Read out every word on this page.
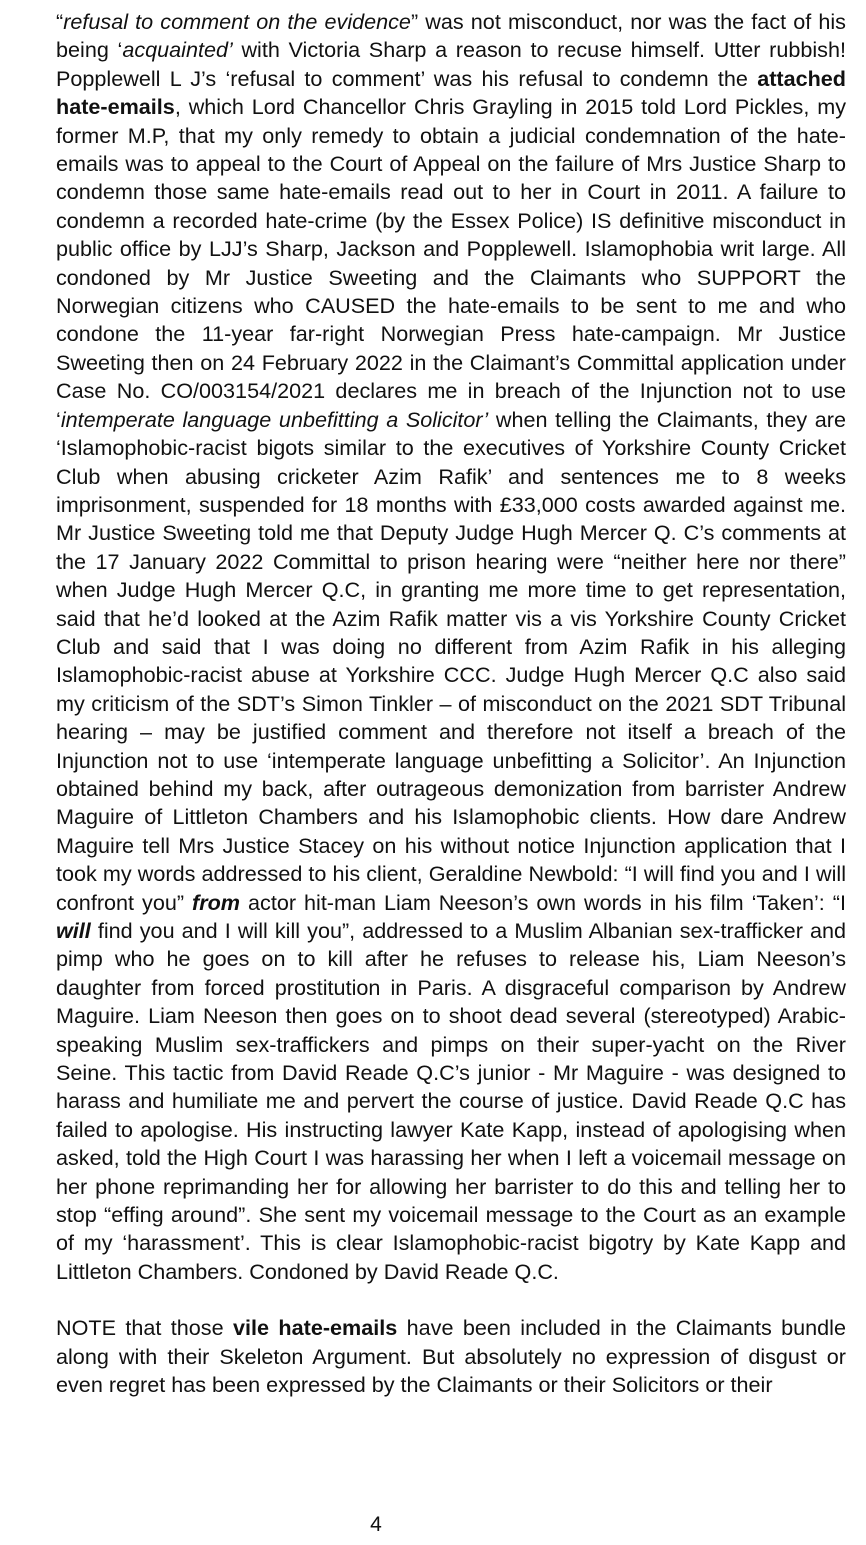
“refusal to comment on the evidence” was not misconduct, nor was the fact of his being ‘acquainted’ with Victoria Sharp a reason to recuse himself. Utter rubbish! Popplewell L J’s ‘refusal to comment’ was his refusal to condemn the attached hate-emails, which Lord Chancellor Chris Grayling in 2015 told Lord Pickles, my former M.P, that my only remedy to obtain a judicial condemnation of the hate-emails was to appeal to the Court of Appeal on the failure of Mrs Justice Sharp to condemn those same hate-emails read out to her in Court in 2011. A failure to condemn a recorded hate-crime (by the Essex Police) IS definitive misconduct in public office by LJJ’s Sharp, Jackson and Popplewell. Islamophobia writ large. All condoned by Mr Justice Sweeting and the Claimants who SUPPORT the Norwegian citizens who CAUSED the hate-emails to be sent to me and who condone the 11-year far-right Norwegian Press hate-campaign. Mr Justice Sweeting then on 24 February 2022 in the Claimant’s Committal application under Case No. CO/003154/2021 declares me in breach of the Injunction not to use ‘intemperate language unbefitting a Solicitor’ when telling the Claimants, they are ‘Islamophobic-racist bigots similar to the executives of Yorkshire County Cricket Club when abusing cricketer Azim Rafik’ and sentences me to 8 weeks imprisonment, suspended for 18 months with £33,000 costs awarded against me. Mr Justice Sweeting told me that Deputy Judge Hugh Mercer Q. C’s comments at the 17 January 2022 Committal to prison hearing were “neither here nor there” when Judge Hugh Mercer Q.C, in granting me more time to get representation, said that he’d looked at the Azim Rafik matter vis a vis Yorkshire County Cricket Club and said that I was doing no different from Azim Rafik in his alleging Islamophobic-racist abuse at Yorkshire CCC. Judge Hugh Mercer Q.C also said my criticism of the SDT’s Simon Tinkler – of misconduct on the 2021 SDT Tribunal hearing – may be justified comment and therefore not itself a breach of the Injunction not to use ‘intemperate language unbefitting a Solicitor’. An Injunction obtained behind my back, after outrageous demonization from barrister Andrew Maguire of Littleton Chambers and his Islamophobic clients. How dare Andrew Maguire tell Mrs Justice Stacey on his without notice Injunction application that I took my words addressed to his client, Geraldine Newbold: “I will find you and I will confront you” from actor hit-man Liam Neeson’s own words in his film ‘Taken’: “I will find you and I will kill you”, addressed to a Muslim Albanian sex-trafficker and pimp who he goes on to kill after he refuses to release his, Liam Neeson’s daughter from forced prostitution in Paris. A disgraceful comparison by Andrew Maguire. Liam Neeson then goes on to shoot dead several (stereotyped) Arabic-speaking Muslim sex-traffickers and pimps on their super-yacht on the River Seine. This tactic from David Reade Q.C’s junior - Mr Maguire - was designed to harass and humiliate me and pervert the course of justice. David Reade Q.C has failed to apologise. His instructing lawyer Kate Kapp, instead of apologising when asked, told the High Court I was harassing her when I left a voicemail message on her phone reprimanding her for allowing her barrister to do this and telling her to stop “effing around”. She sent my voicemail message to the Court as an example of my ‘harassment’. This is clear Islamophobic-racist bigotry by Kate Kapp and Littleton Chambers. Condoned by David Reade Q.C.

NOTE that those vile hate-emails have been included in the Claimants bundle along with their Skeleton Argument. But absolutely no expression of disgust or even regret has been expressed by the Claimants or their Solicitors or their

4
